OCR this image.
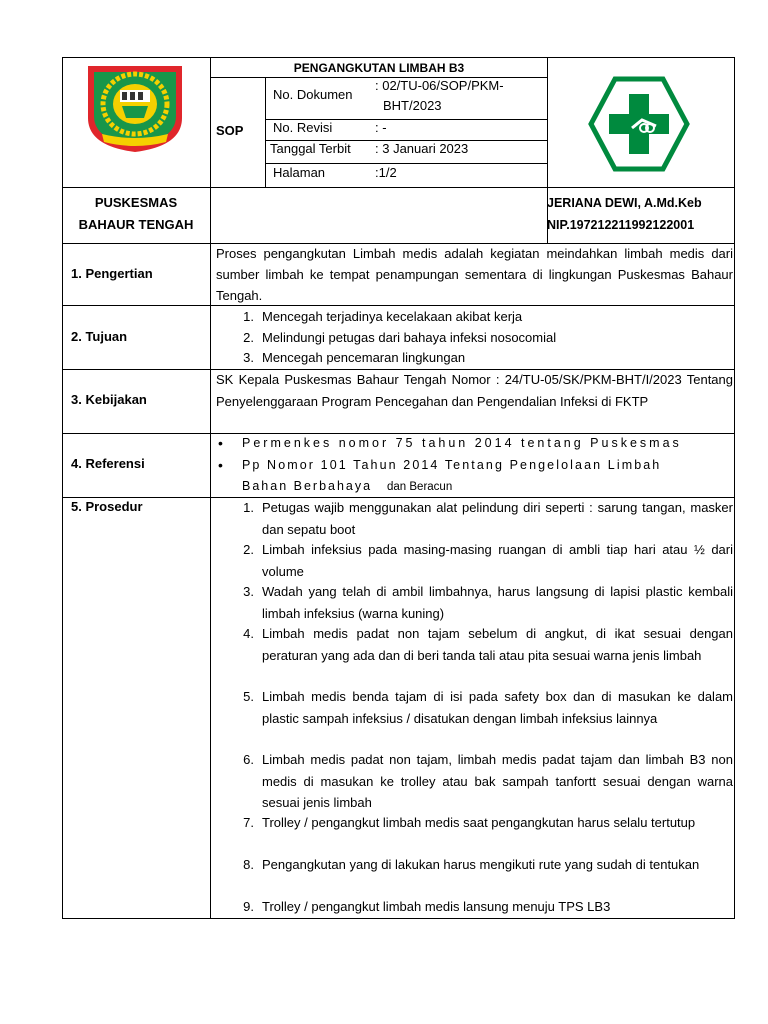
PENGANGKUTAN LIMBAH B3
SOP
No. Dokumen
: 02/TU-06/SOP/PKM-
BHT/2023
No. Revisi	: -
Tanggal Terbit : 3 Januari 2023
Halaman	:1/2
PUSKESMAS
BAHAUR TENGAH
JERIANA DEWI, A.Md.Keb
NIP.197212211992122001
1. Pengertian
Proses pengangkutan Limbah medis adalah kegiatan meindahkan limbah medis dari sumber limbah ke tempat penampungan sementara di lingkungan Puskesmas Bahaur Tengah.
2. Tujuan
1. Mencegah terjadinya kecelakaan akibat kerja
2. Melindungi petugas dari bahaya infeksi nosocomial
3. Mencegah pencemaran lingkungan
3. Kebijakan
SK Kepala Puskesmas Bahaur Tengah Nomor : 24/TU-05/SK/PKM-BHT/I/2023 Tentang Penyelenggaraan Program Pencegahan dan Pengendalian Infeksi di FKTP
4. Referensi
• Permenkes nomor 75 tahun 2014 tentang Puskesmas
• Pp Nomor 101 Tahun 2014 Tentang Pengelolaan Limbah
Bahan Berbahaya dan Beracun
5. Prosedur	1. Petugas wajib menggunakan alat pelindung diri seperti : sarung tangan, masker dan sepatu boot
2. Limbah infeksius pada masing-masing ruangan di ambli tiap hari atau ½ dari volume
3. Wadah yang telah di ambil limbahnya, harus langsung di lapisi plastic kembali limbah infeksius (warna kuning)
4. Limbah medis padat non tajam sebelum di angkut, di ikat sesuai dengan peraturan yang ada dan di beri tanda tali atau pita sesuai warna jenis limbah
5. Limbah medis benda tajam di isi pada safety box dan di masukan ke dalam plastic sampah infeksius / disatukan dengan limbah infeksius lainnya
6. Limbah medis padat non tajam, limbah medis padat tajam dan limbah B3 non medis di masukan ke trolley atau bak sampah tanfortt sesuai dengan warna sesuai jenis limbah
7. Trolley / pengangkut limbah medis saat pengangkutan harus selalu tertutup
8. Pengangkutan yang di lakukan harus mengikuti rute yang sudah di tentukan
9. Trolley / pengangkut limbah medis lansung menuju TPS LB3
